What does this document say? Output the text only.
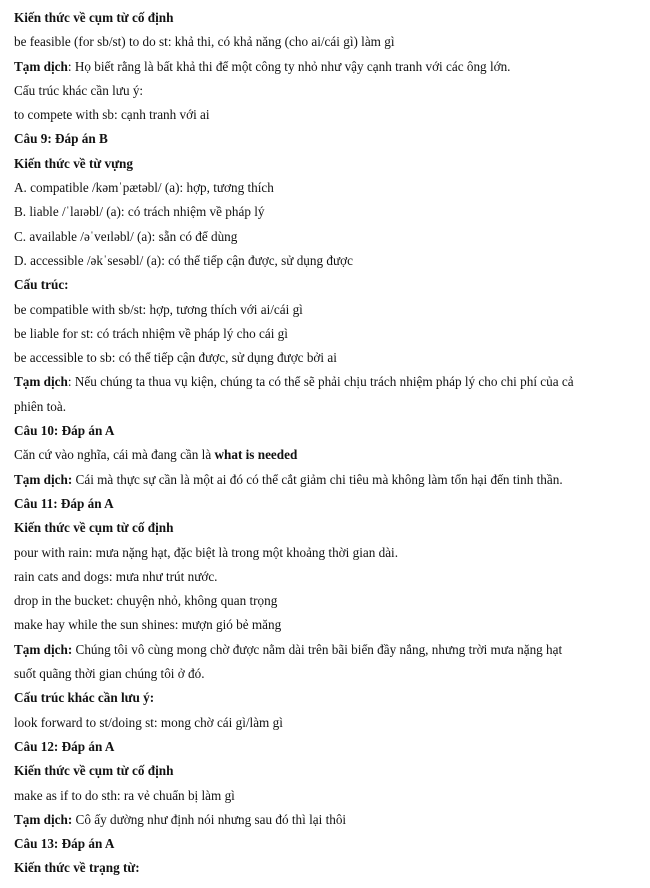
Kiến thức về cụm từ cố định
be feasible (for sb/st) to do st: khả thi, có khả năng (cho ai/cái gì) làm gì
Tạm dịch: Họ biết rằng là bất khả thi để một công ty nhỏ như vậy cạnh tranh với các ông lớn.
Cấu trúc khác cần lưu ý:
to compete with sb: cạnh tranh với ai
Câu 9: Đáp án B
Kiến thức về từ vựng
A. compatible /kəmˈpætəbl/ (a): hợp, tương thích
B. liable /ˈlaɪəbl/ (a): có trách nhiệm về pháp lý
C. available /əˈveɪləbl/ (a): sẵn có để dùng
D. accessible /əkˈsesəbl/ (a): có thể tiếp cận được, sử dụng được
Cấu trúc:
be compatible with sb/st: hợp, tương thích với ai/cái gì
be liable for st: có trách nhiệm về pháp lý cho cái gì
be accessible to sb: có thể tiếp cận được, sử dụng được bởi ai
Tạm dịch: Nếu chúng ta thua vụ kiện, chúng ta có thể sẽ phải chịu trách nhiệm pháp lý cho chi phí của cả
phiên toà.
Câu 10: Đáp án A
Căn cứ vào nghĩa, cái mà đang cần là what is needed
Tạm dịch: Cái mà thực sự cần là một ai đó có thể cắt giảm chi tiêu mà không làm tổn hại đến tinh thần.
Câu 11: Đáp án A
Kiến thức về cụm từ cố định
pour with rain: mưa nặng hạt, đặc biệt là trong một khoảng thời gian dài.
rain cats and dogs: mưa như trút nước.
drop in the bucket: chuyện nhỏ, không quan trọng
make hay while the sun shines: mượn gió bẻ măng
Tạm dịch: Chúng tôi vô cùng mong chờ được nằm dài trên bãi biển đầy nắng, nhưng trời mưa nặng hạt
suốt quãng thời gian chúng tôi ở đó.
Cấu trúc khác cần lưu ý:
look forward to st/doing st: mong chờ cái gì/làm gì
Câu 12: Đáp án A
Kiến thức về cụm từ cố định
make as if to do sth: ra vẻ chuẩn bị làm gì
Tạm dịch: Cô ấy dường như định nói nhưng sau đó thì lại thôi
Câu 13: Đáp án A
Kiến thức về trạng từ:
